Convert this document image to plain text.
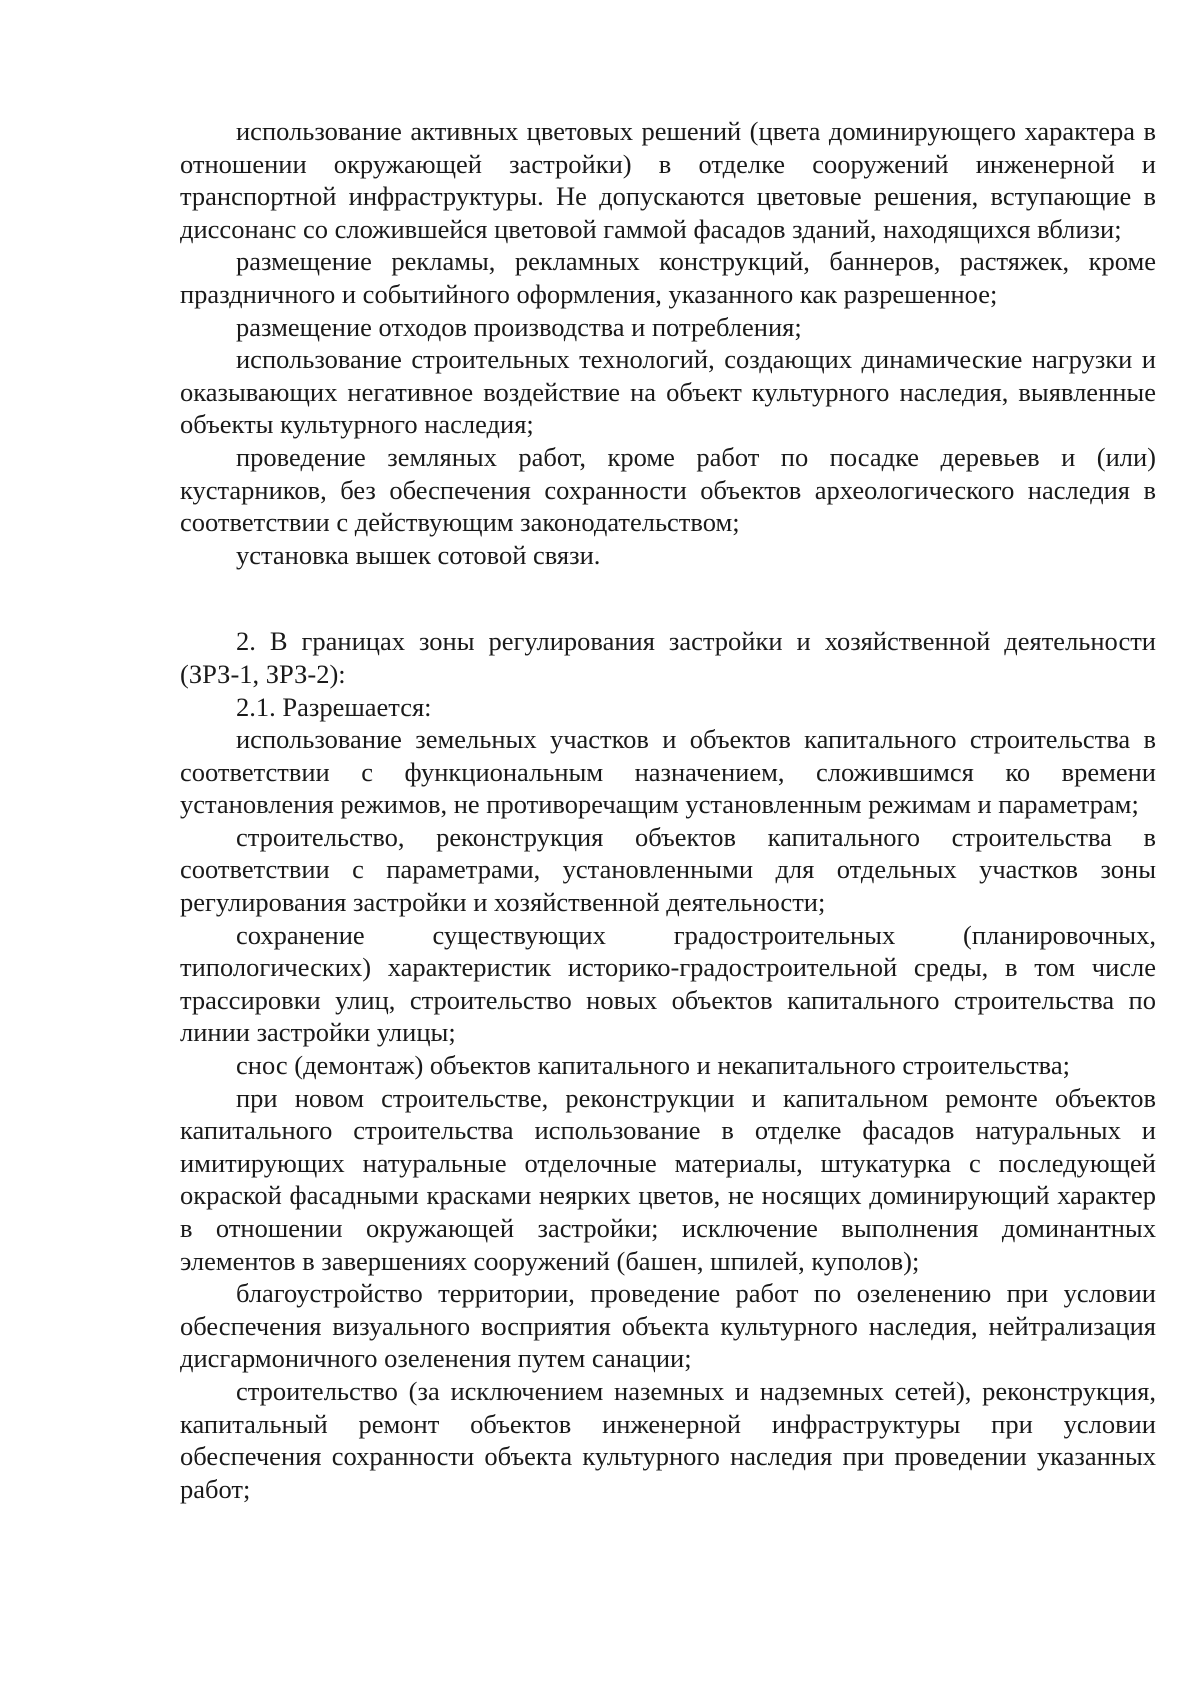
использование активных цветовых решений (цвета доминирующего характера в отношении окружающей застройки) в отделке сооружений инженерной и транспортной инфраструктуры. Не допускаются цветовые решения, вступающие в диссонанс со сложившейся цветовой гаммой фасадов зданий, находящихся вблизи;

размещение рекламы, рекламных конструкций, баннеров, растяжек, кроме праздничного и событийного оформления, указанного как разрешенное;

размещение отходов производства и потребления;

использование строительных технологий, создающих динамические нагрузки и оказывающих негативное воздействие на объект культурного наследия, выявленные объекты культурного наследия;

проведение земляных работ, кроме работ по посадке деревьев и (или) кустарников, без обеспечения сохранности объектов археологического наследия в соответствии с действующим законодательством;

установка вышек сотовой связи.

2. В границах зоны регулирования застройки и хозяйственной деятельности (ЗРЗ-1, ЗРЗ-2):

2.1. Разрешается:

использование земельных участков и объектов капитального строительства в соответствии с функциональным назначением, сложившимся ко времени установления режимов, не противоречащим установленным режимам и параметрам;

строительство, реконструкция объектов капитального строительства в соответствии с параметрами, установленными для отдельных участков зоны регулирования застройки и хозяйственной деятельности;

сохранение существующих градостроительных (планировочных, типологических) характеристик историко-градостроительной среды, в том числе трассировки улиц, строительство новых объектов капитального строительства по линии застройки улицы;

снос (демонтаж) объектов капитального и некапитального строительства;

при новом строительстве, реконструкции и капитальном ремонте объектов капитального строительства использование в отделке фасадов натуральных и имитирующих натуральные отделочные материалы, штукатурка с последующей окраской фасадными красками неярких цветов, не носящих доминирующий характер в отношении окружающей застройки; исключение выполнения доминантных элементов в завершениях сооружений (башен, шпилей, куполов);

благоустройство территории, проведение работ по озеленению при условии обеспечения визуального восприятия объекта культурного наследия, нейтрализация дисгармоничного озеленения путем санации;

строительство (за исключением наземных и надземных сетей), реконструкция, капитальный ремонт объектов инженерной инфраструктуры при условии обеспечения сохранности объекта культурного наследия при проведении указанных работ;
